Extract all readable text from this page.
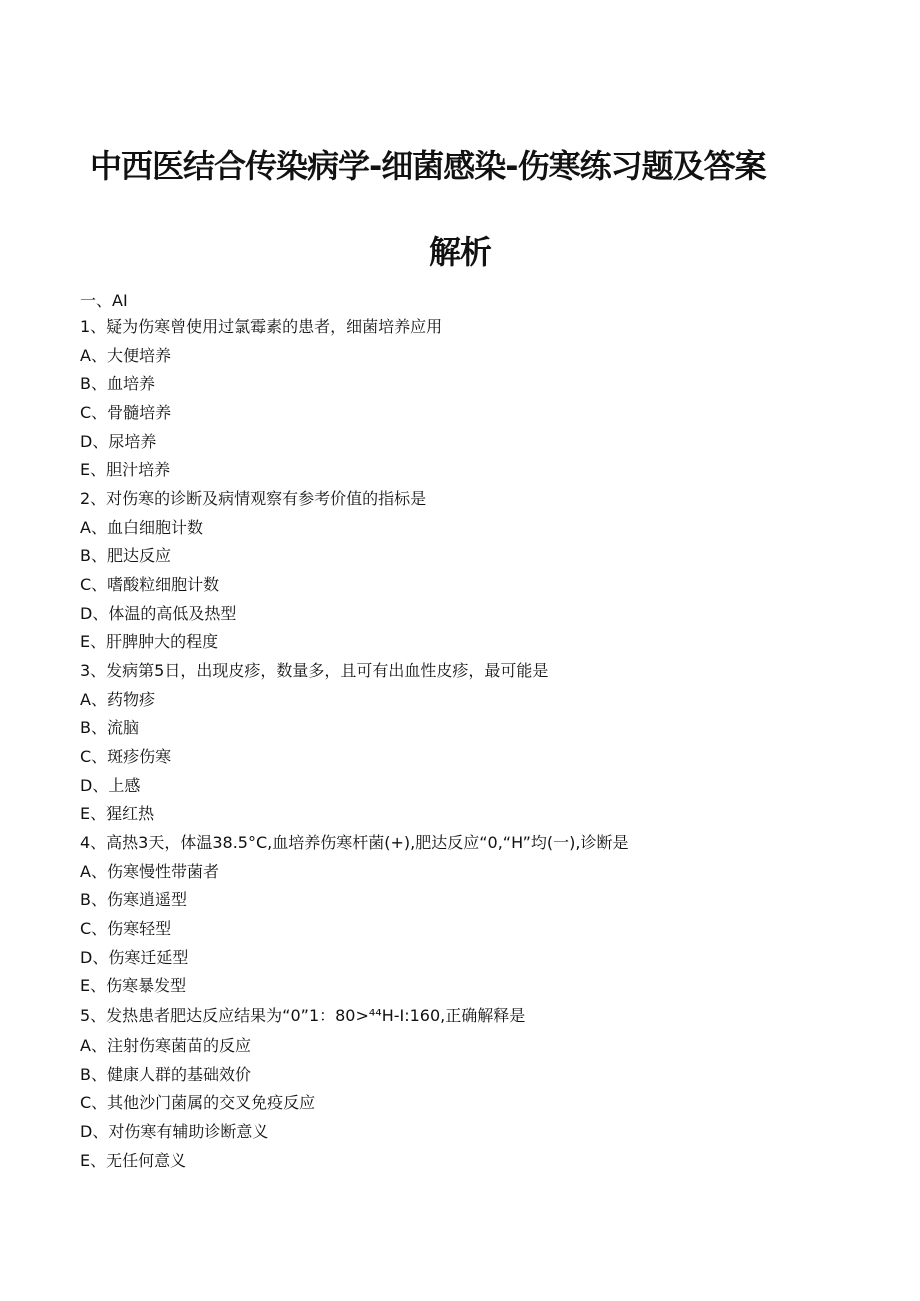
中西医结合传染病学-细菌感染-伤寒练习题及答案
解析
一、AI
1、疑为伤寒曾使用过氯霉素的患者，细菌培养应用
A、大便培养
B、血培养
C、骨髓培养
D、尿培养
E、胆汁培养
2、对伤寒的诊断及病情观察有参考价值的指标是
A、血白细胞计数
B、肥达反应
C、嗜酸粒细胞计数
D、体温的高低及热型
E、肝脾肿大的程度
3、发病第5日，出现皮疹，数量多，且可有出血性皮疹，最可能是
A、药物疹
B、流脑
C、斑疹伤寒
D、上感
E、猩红热
4、高热3天，体温38.5°C,血培养伤寒杆菌(+),肥达反应“0,“H”均(一),诊断是
A、伤寒慢性带菌者
B、伤寒逍遥型
C、伤寒轻型
D、伤寒迁延型
E、伤寒暴发型
5、发热患者肥达反应结果为“0”1：80>⁴⁴H-I:160,正确解释是
A、注射伤寒菌苗的反应
B、健康人群的基础效价
C、其他沙门菌属的交叉免疫反应
D、对伤寒有辅助诊断意义
E、无任何意义
